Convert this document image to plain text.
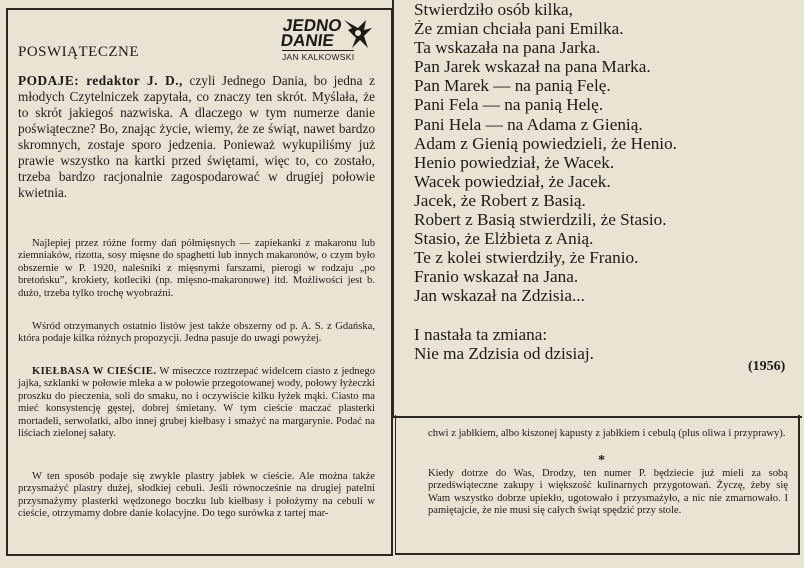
POSWIĄTECZNE
JEDNO
DANIE
JAN KALKOWSKI
PODAJE: redaktor J. D., czyli Jednego Dania, bo jedna z młodych Czytelniczek zapytała, co znaczy ten skrót. Myślała, że to skrót jakiegoś nazwiska. A dlaczego w tym numerze danie poświąteczne? Bo, znając życie, wiemy, że ze świąt, nawet bardzo skromnych, zostaje sporo jedzenia. Ponieważ wykupiliśmy już prawie wszystko na kartki przed świętami, więc to, co zostało, trzeba bardzo racjonalnie zagospodarować w drugiej połowie kwietnia.
Najlepiej przez różne formy dań półmięsnych — zapiekanki z makaronu lub ziemniaków, rizotta, sosy mięsne do spaghetti lub innych makaronów, o czym było obszernie w P. 1920, naleśniki z mięsnymi farszami, pierogi w rodzaju „po bretońsku”, krokiety, kotleciki (np. mięsno-makaronowe) itd. Możliwości jest b. dużo, trzeba tylko trochę wyobraźni.
Wśród otrzymanych ostatnio listów jest także obszerny od p. A. S. z Gdańska, która podaje kilka różnych propozycji. Jedna pasuje do uwagi powyżej.
KIEŁBASA W CIEŚCIE. W miseczce roztrzepać widelcem ciasto z jednego jajka, szklanki w połowie mleka a w połowie przegotowanej wody, połowy łyżeczki proszku do pieczenia, soli do smaku, no i oczywiście kilku łyżek mąki. Ciasto ma mieć konsystencję gęstej, dobrej śmietany. W tym cieście maczać plasterki mortadeli, serwolatki, albo innej grubej kiełbasy i smażyć na margarynie. Podać na liściach zielonej sałaty.
W ten sposób podaje się zwykle plastry jabłek w cieście. Ale można także przysmażyć plastry dużej, słodkiej cebuli. Jeśli równocześnie na drugiej patelni przysmażymy plasterki wędzonego boczku lub kiełbasy i położymy na cebuli w cieście, otrzymamy dobre danie kolacyjne. Do tego surówka z tartej mar-
Stwierdziło osób kilka,
Że zmian chciała pani Emilka.
Ta wskazała na pana Jarka.
Pan Jarek wskazał na pana Marka.
Pan Marek — na panią Felę.
Pani Fela — na panią Helę.
Pani Hela — na Adama z Gienią.
Adam z Gienią powiedzieli, że Henio.
Henio powiedział, że Wacek.
Wacek powiedział, że Jacek.
Jacek, że Robert z Basią.
Robert z Basią stwierdzili, że Stasio.
Stasio, że Elżbieta z Anią.
Te z kolei stwierdziły, że Franio.
Franio wskazał na Jana.
Jan wskazał na Zdzisia...

I nastała ta zmiana:
Nie ma Zdzisia od dzisiaj.
(1956)
chwi z jabłkiem, albo kiszonej kapusty z jabłkiem i cebulą (plus oliwa i przyprawy).
*
Kiedy dotrze do Was, Drodzy, ten numer P. będziecie już mieli za sobą przedświąteczne zakupy i większość kulinarnych przygotowań. Życzę, żeby się Wam wszystko dobrze upiekło, ugotowało i przysmażyło, a nic nie zmarnowało. I pamiętajcie, że nie musi się całych świąt spędzić przy stole.
